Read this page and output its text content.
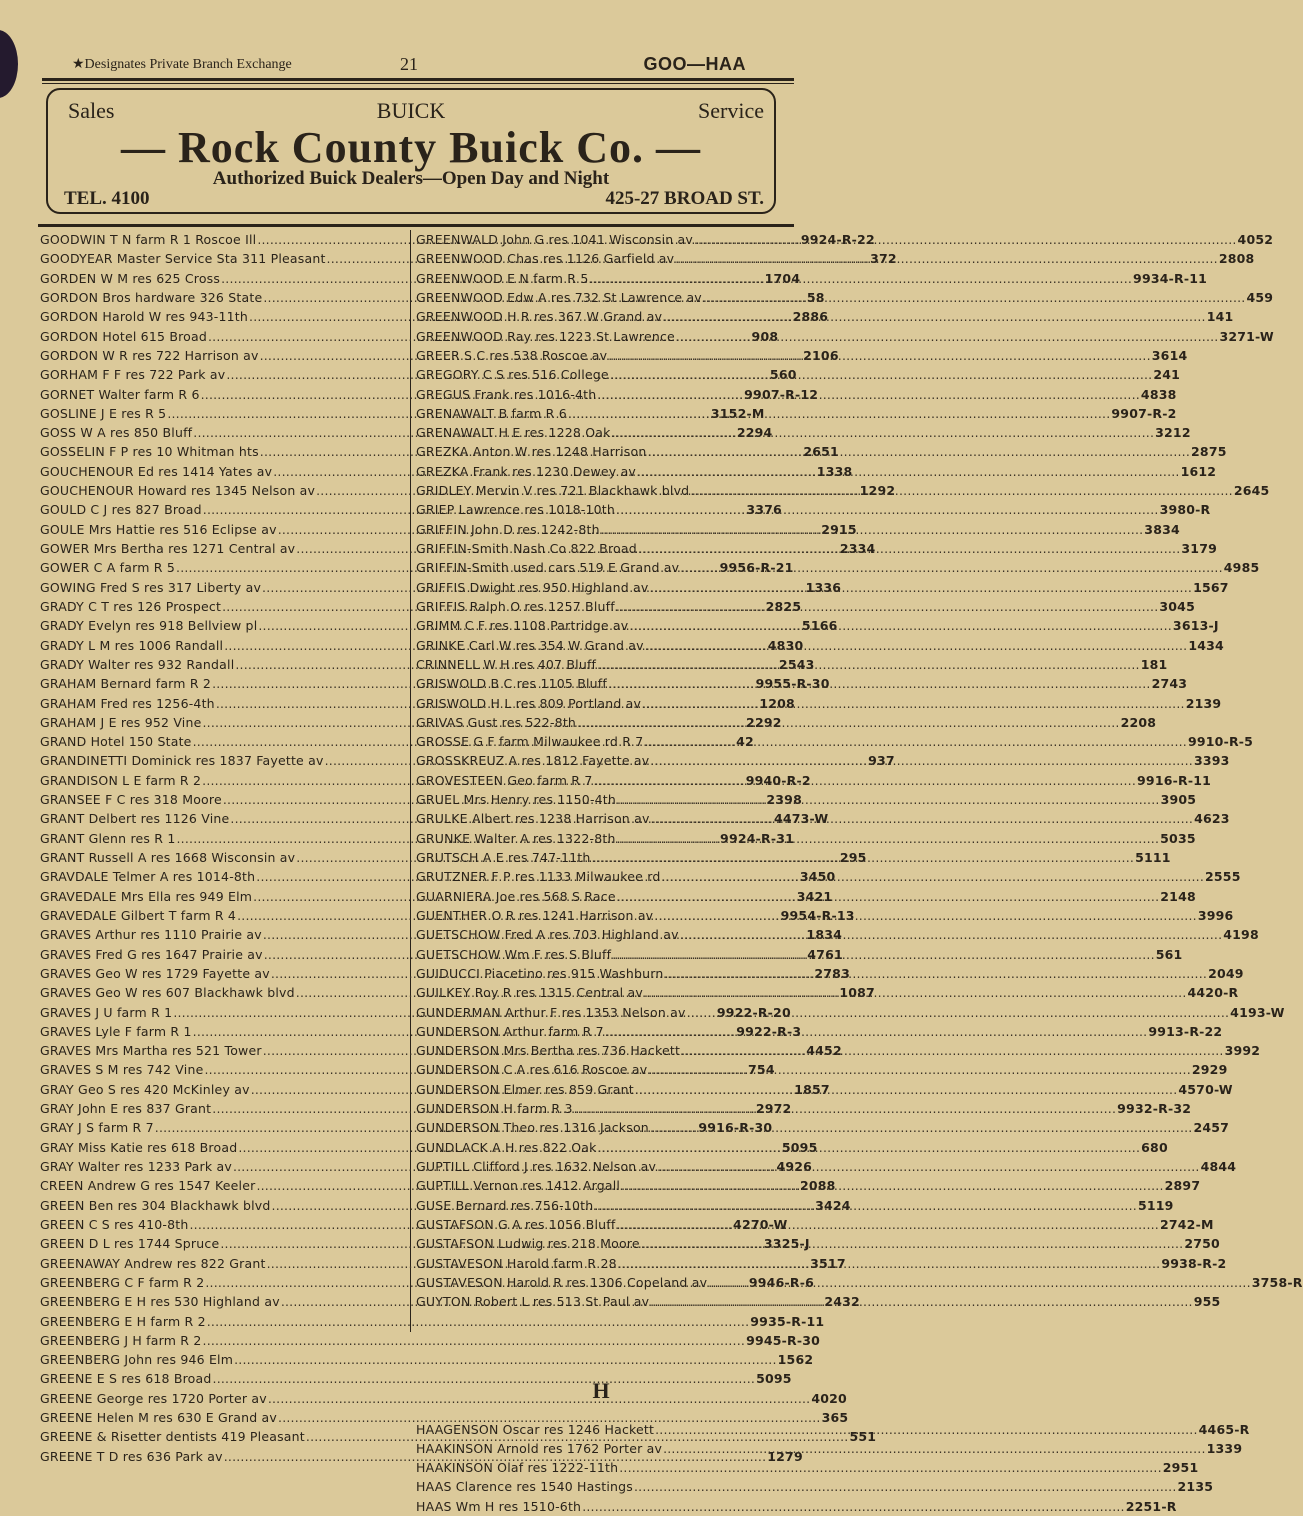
★Designates Private Branch Exchange	21	GOO—HAA
Sales	BUICK	Service
— Rock County Buick Co. —
Authorized Buick Dealers—Open Day and Night
TEL. 4100	425-27 BROAD ST.
GOODWIN T N farm R 1 Roscoe Ill .....	9924-R-22
GOODYEAR Master Service Sta 311 Pleasant .....	372
GORDEN W M res 625 Cross .....	1704
GORDON Bros hardware 326 State .....	58
GORDON Harold W res 943-11th .....	2886
GORDON Hotel 615 Broad .....	908
GORDON W R res 722 Harrison av .....	2106
GORHAM F F res 722 Park av .....	560
GORNET Walter farm R 6 .....	9907-R-12
GOSLINE J E res R 5 .....	3152-M
GOSS W A res 850 Bluff .....	2294
GOSSELIN F P res 10 Whitman hts .....	2651
GOUCHENOUR Ed res 1414 Yates av .....	1338
GOUCHENOUR Howard res 1345 Nelson av .....	1292
GOULD C J res 827 Broad .....	3376
GOULE Mrs Hattie res 516 Eclipse av .....	2915
GOWER Mrs Bertha res 1271 Central av .....	2334
GOWER C A farm R 5 .....	9956-R-21
GOWING Fred S res 317 Liberty av .....	1336
GRADY C T res 126 Prospect .....	2825
GRADY Evelyn res 918 Bellview pl .....	5166
GRADY L M res 1006 Randall .....	4830
GRADY Walter res 932 Randall .....	2543
GRAHAM Bernard farm R 2 .....	9955-R-30
GRAHAM Fred res 1256-4th .....	1208
GRAHAM J E res 952 Vine .....	2292
GRAND Hotel 150 State .....	42
GRANDINETTI Dominick res 1837 Fayette av .....	937
GRANDISON L E farm R 2 .....	9940-R-2
GRANSEE F C res 318 Moore .....	2398
GRANT Delbert res 1126 Vine .....	4473-W
GRANT Glenn res R 1 .....	9924-R-31
GRANT Russell A res 1668 Wisconsin av .....	295
GRAVDALE Telmer A res 1014-8th .....	3450
GRAVEDALE Mrs Ella res 949 Elm .....	3421
GRAVEDALE Gilbert T farm R 4 .....	9954-R-13
GRAVES Arthur res 1110 Prairie av .....	1834
GRAVES Fred G res 1647 Prairie av .....	4761
GRAVES Geo W res 1729 Fayette av .....	2783
GRAVES Geo W res 607 Blackhawk blvd .....	1087
GRAVES J U farm R 1 .....	9922-R-20
GRAVES Lyle F farm R 1 .....	9922-R-3
GRAVES Mrs Martha res 521 Tower .....	4452
GRAVES S M res 742 Vine .....	754
GRAY Geo S res 420 McKinley av .....	1857
GRAY John E res 837 Grant .....	2972
GRAY J S farm R 7 .....	9916-R-30
GRAY Miss Katie res 618 Broad .....	5095
GRAY Walter res 1233 Park av .....	4926
CREEN Andrew G res 1547 Keeler .....	2088
GREEN Ben res 304 Blackhawk blvd .....	3424
GREEN C S res 410-8th .....	4270-W
GREEN D L res 1744 Spruce .....	3325-J
GREENAWAY Andrew res 822 Grant .....	3517
GREENBERG C F farm R 2 .....	9946-R-6
GREENBERG E H res 530 Highland av .....	2432
GREENBERG E H farm R 2 .....	9935-R-11
GREENBERG J H farm R 2 .....	9945-R-30
GREENBERG John res 946 Elm .....	1562
GREENE E S res 618 Broad .....	5095
GREENE George res 1720 Porter av .....	4020
GREENE Helen M res 630 E Grand av .....	365
GREENE & Risetter dentists 419 Pleasant .....	551
GREENE T D res 636 Park av .....	1279
GREENWALD John G res 1041 Wisconsin av .....	4052
GREENWOOD Chas res 1126 Garfield av .....	2808
GREENWOOD E N farm R 5 .....	9934-R-11
GREENWOOD Edw A res 732 St Lawrence av .....	459
GREENWOOD H R res 367 W Grand av .....	141
GREENWOOD Ray res 1223 St Lawrence .....	3271-W
GREER S C res 538 Roscoe av .....	3614
GREGORY C S res 516 College .....	241
GREGUS Frank res 1016-4th .....	4838
GRENAWALT B farm R 6 .....	9907-R-2
GRENAWALT H E res 1228 Oak .....	3212
GREZKA Anton W res 1248 Harrison .....	2875
GREZKA Frank res 1230 Dewey av .....	1612
GRIDLEY Mervin V res 721 Blackhawk blvd .....	2645
GRIEP Lawrence res 1018-10th .....	3980-R
GRIFFIN John D res 1242-8th .....	3834
GRIFFIN-Smith Nash Co 822 Broad .....	3179
GRIFFIN-Smith used cars 519 E Grand av .....	4985
GRIFFIS Dwight res 950 Highland av .....	1567
GRIFFIS Ralph O res 1257 Bluff .....	3045
GRIMM C F res 1108 Partridge av .....	3613-J
GRINKE Carl W res 354 W Grand av .....	1434
CRINNELL W H res 407 Bluff .....	181
GRISWOLD B C res 1105 Bluff .....	2743
GRISWOLD H L res 809 Portland av .....	2139
GRIVAS Gust res 522-8th .....	2208
GROSSE G F farm Milwaukee rd R 7 .....	9910-R-5
GROSSKREUZ A res 1812 Fayette av .....	3393
GROVESTEEN Geo farm R 7 .....	9916-R-11
GRUEL Mrs Henry res 1150-4th .....	3905
GRULKE Albert res 1238 Harrison av .....	4623
GRUNKE Walter A res 1322-8th .....	5035
GRUTSCH A E res 747-11th .....	5111
GRUTZNER F P res 1133 Milwaukee rd .....	2555
GUARNIERA Joe res 568 S Race .....	2148
GUENTHER O R res 1241 Harrison av .....	3996
GUETSCHOW Fred A res 703 Highland av .....	4198
GUETSCHOW Wm F res S Bluff .....	561
GUIDUCCI Piacetino res 915 Washburn .....	2049
GUILKEY Roy R res 1315 Central av .....	4420-R
GUNDERMAN Arthur F res 1353 Nelson av .....	4193-W
GUNDERSON Arthur farm R 7 .....	9913-R-22
GUNDERSON Mrs Bertha res 736 Hackett .....	3992
GUNDERSON C A res 616 Roscoe av .....	2929
GUNDERSON Elmer res 859 Grant .....	4570-W
GUNDERSON H farm R 3 .....	9932-R-32
GUNDERSON Theo res 1316 Jackson .....	2457
GUNDLACK A H res 822 Oak .....	680
GUPTILL Clifford J res 1632 Nelson av .....	4844
GUPTILL Vernon res 1412 Argall .....	2897
GUSE Bernard res 756-10th .....	5119
GUSTAFSON G A res 1056 Bluff .....	2742-M
GUSTAFSON Ludwig res 218 Moore .....	2750
GUSTAVESON Harold farm R 28 .....	9938-R-2
GUSTAVESON Harold R res 1306 Copeland av .....	3758-R
GUYTON Robert L res 513 St Paul av .....	955
H
HAAGENSON Oscar res 1246 Hackett .....	4465-R
HAAKINSON Arnold res 1762 Porter av .....	1339
HAAKINSON Olaf res 1222-11th .....	2951
HAAS Clarence res 1540 Hastings .....	2135
HAAS Wm H res 1510-6th .....	2251-R
